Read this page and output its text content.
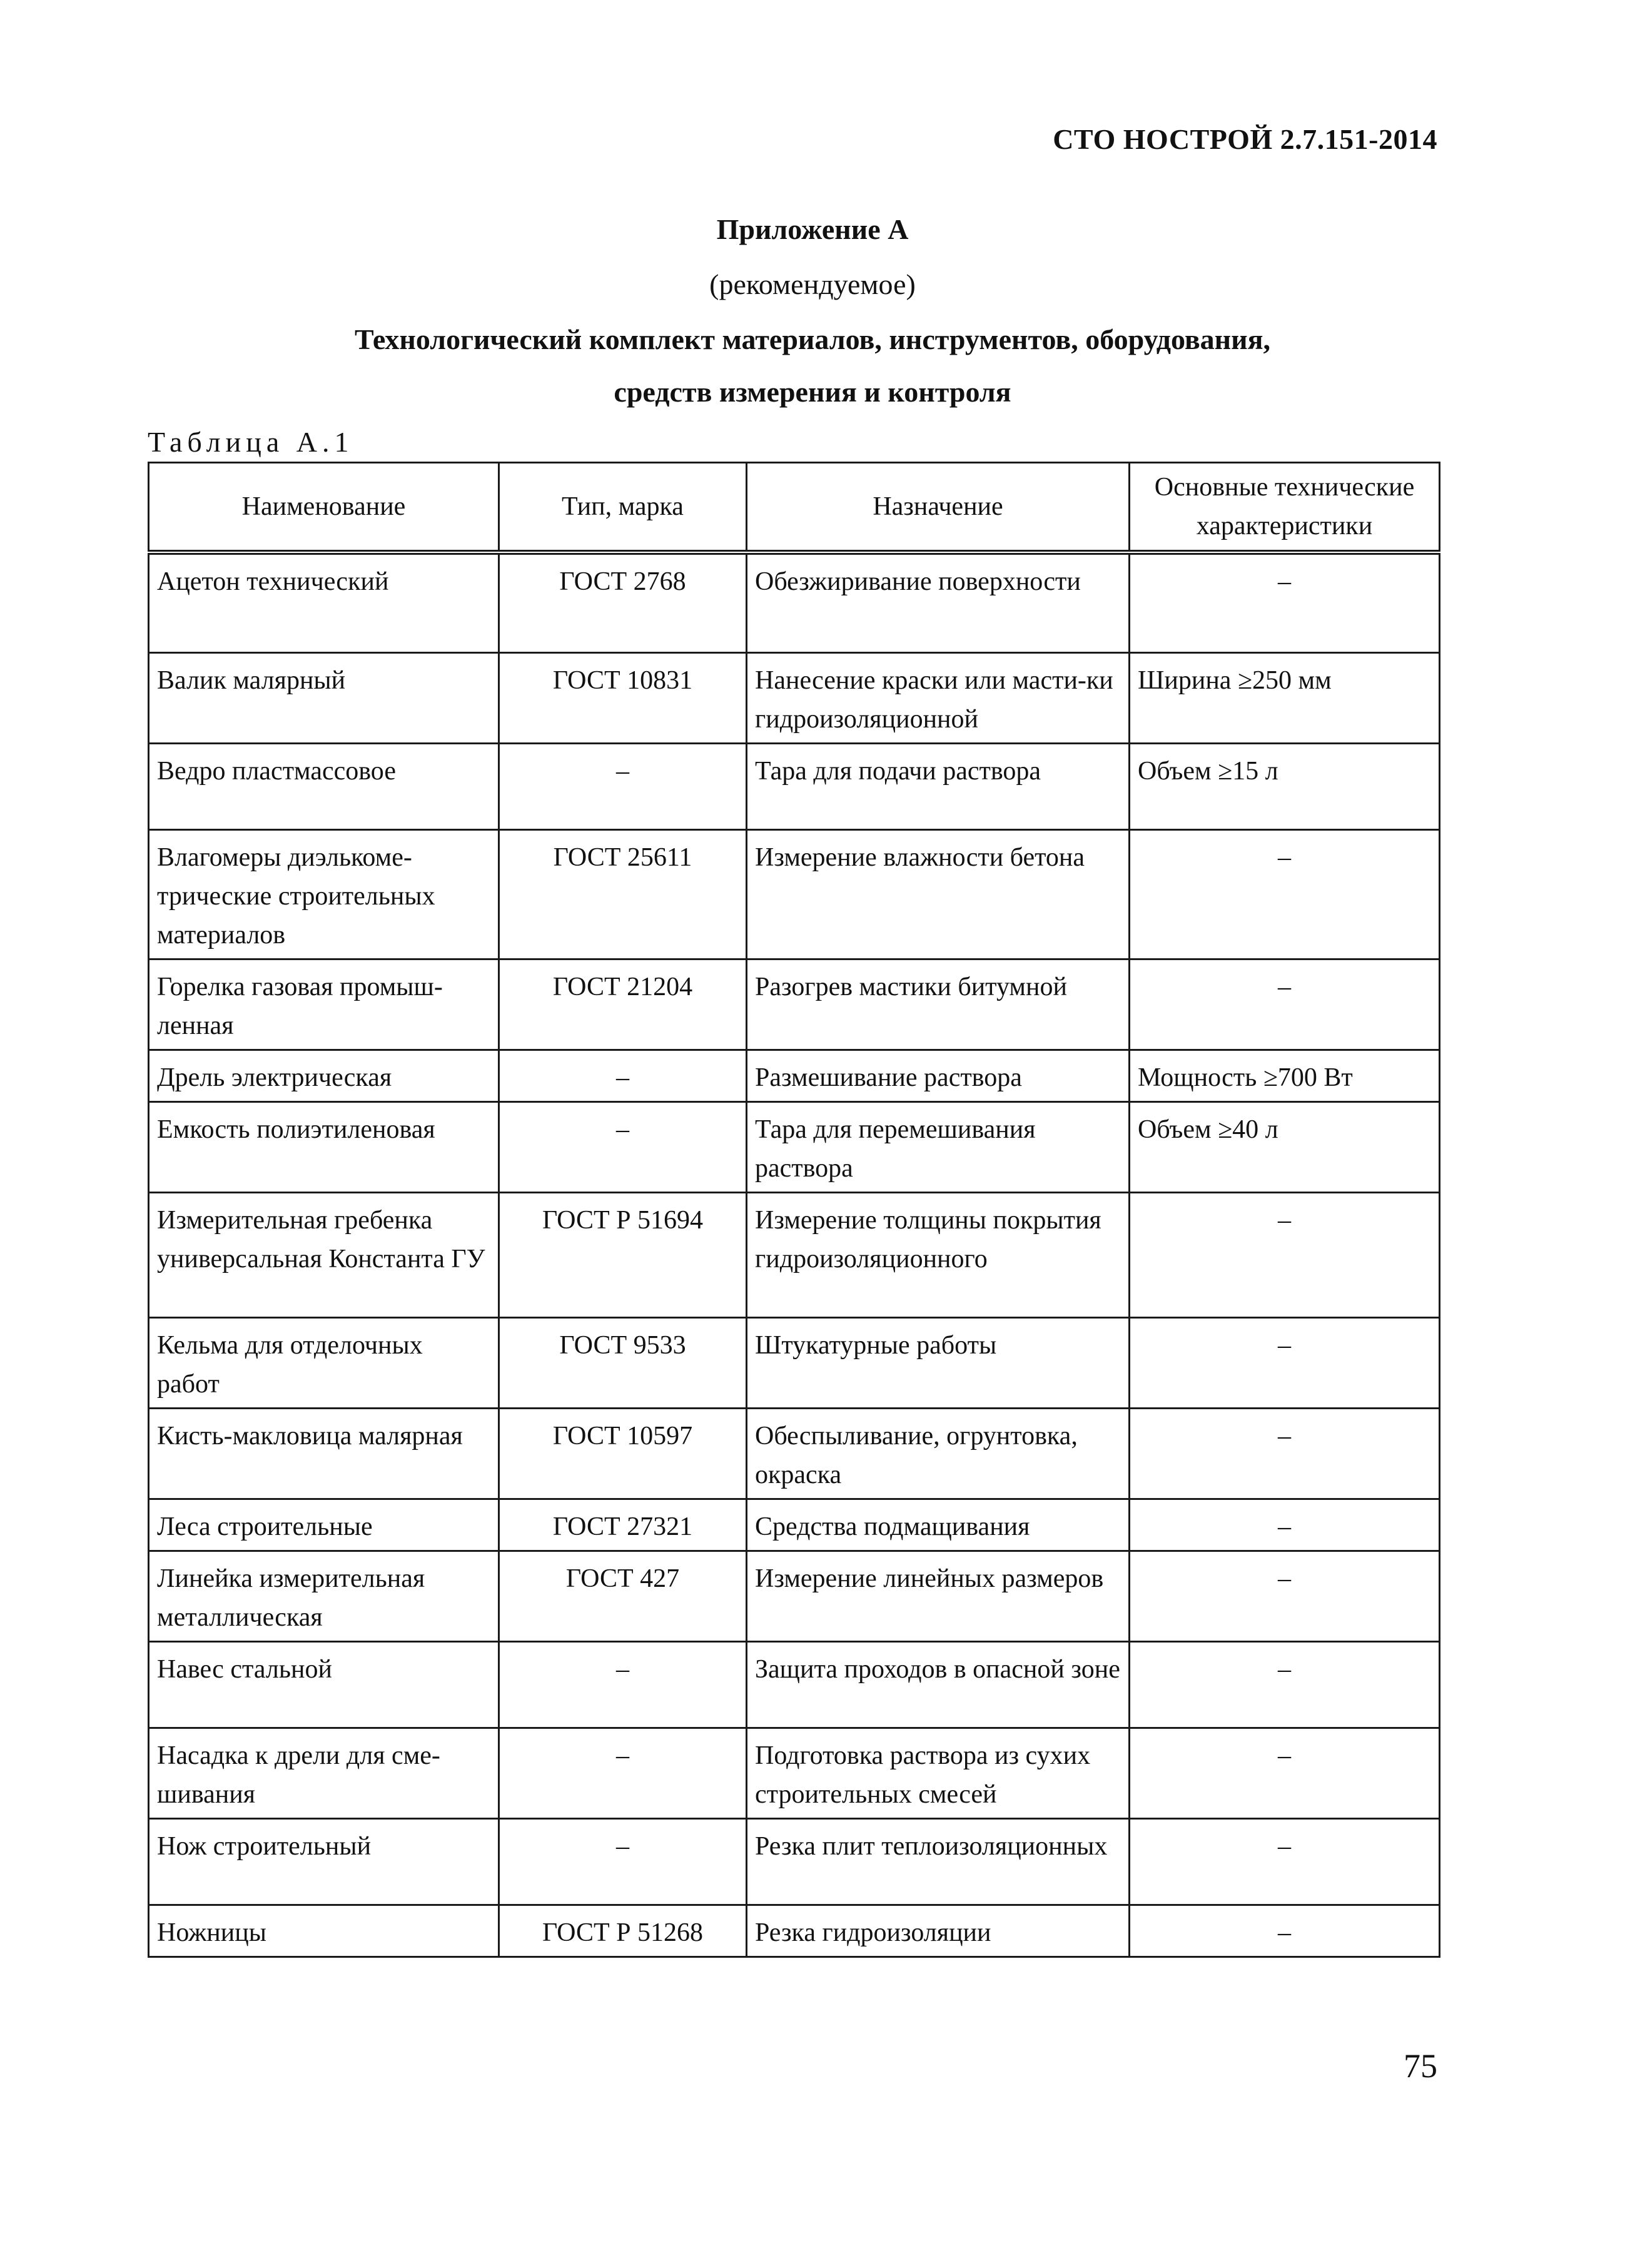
СТО НОСТРОЙ 2.7.151-2014
Приложение А
(рекомендуемое)
Технологический комплект материалов, инструментов, оборудования,
средств измерения и контроля
Таблица А.1
Наименование	Тип, марка	Назначение	Основные технические характеристики
Ацетон технический	ГОСТ 2768	Обезжиривание поверхности	–
Валик малярный	ГОСТ 10831	Нанесение краски или масти-ки гидроизоляционной	Ширина ≥250 мм
Ведро пластмассовое	–	Тара для подачи раствора	Объем ≥15 л
Влагомеры диэлькоме-трические строительных материалов	ГОСТ 25611	Измерение влажности бетона	–
Горелка газовая промыш-ленная	ГОСТ 21204	Разогрев мастики битумной	–
Дрель электрическая	–	Размешивание раствора	Мощность ≥700 Вт
Емкость полиэтиленовая	–	Тара для перемешивания раствора	Объем ≥40 л
Измерительная гребенка универсальная Константа ГУ	ГОСТ Р 51694	Измерение толщины покрытия гидроизоляционного	–
Кельма для отделочных работ	ГОСТ 9533	Штукатурные работы	–
Кисть-макловица малярная	ГОСТ 10597	Обеспыливание, огрунтовка, окраска	–
Леса строительные	ГОСТ 27321	Средства подмащивания	–
Линейка измерительная металлическая	ГОСТ 427	Измерение линейных размеров	–
Навес стальной	–	Защита проходов в опасной зоне	–
Насадка к дрели для сме-шивания	–	Подготовка раствора из сухих строительных смесей	–
Нож строительный	–	Резка плит теплоизоляционных	–
Ножницы	ГОСТ Р 51268	Резка гидроизоляции	–
75
